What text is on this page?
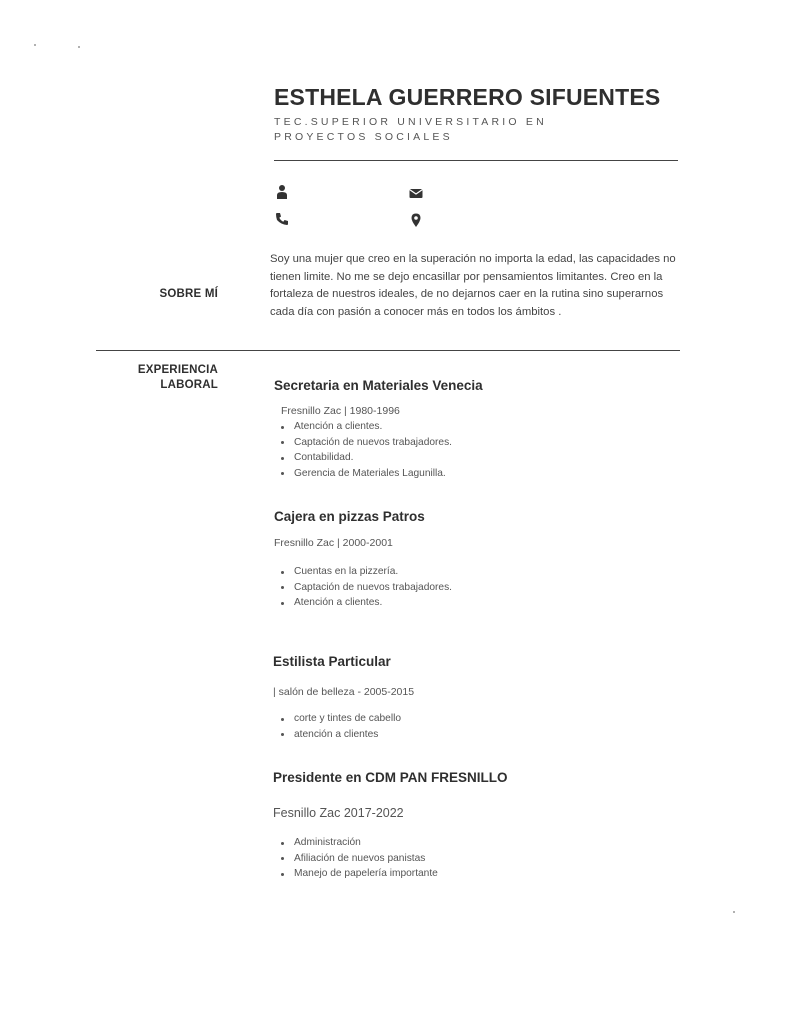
ESTHELA GUERRERO SIFUENTES
TEC.SUPERIOR UNIVERSITARIO EN
PROYECTOS SOCIALES
SOBRE MÍ
Soy una mujer que creo en la superación no importa la edad, las capacidades no tienen limite. No me se dejo encasillar por pensamientos limitantes. Creo en la fortaleza de nuestros ideales, de no dejarnos caer en la rutina sino superarnos cada día con pasión a conocer más en todos los ámbitos .
EXPERIENCIA
LABORAL	Secretaria en Materiales Venecia
Fresnillo Zac | 1980-1996
Atención a clientes.
Captación de nuevos trabajadores.
Contabilidad.
Gerencia de Materiales Lagunilla.
Cajera en pizzas Patros
Fresnillo Zac | 2000-2001
Cuentas en la pizzería.
Captación de nuevos trabajadores.
Atención a clientes.
Estilista Particular
| salón de belleza - 2005-2015
corte y tintes de cabello
atención a clientes
Presidente en CDM PAN FRESNILLO
Fesnillo Zac 2017-2022
Administración
Afiliación de nuevos panistas
Manejo de papelería importante
